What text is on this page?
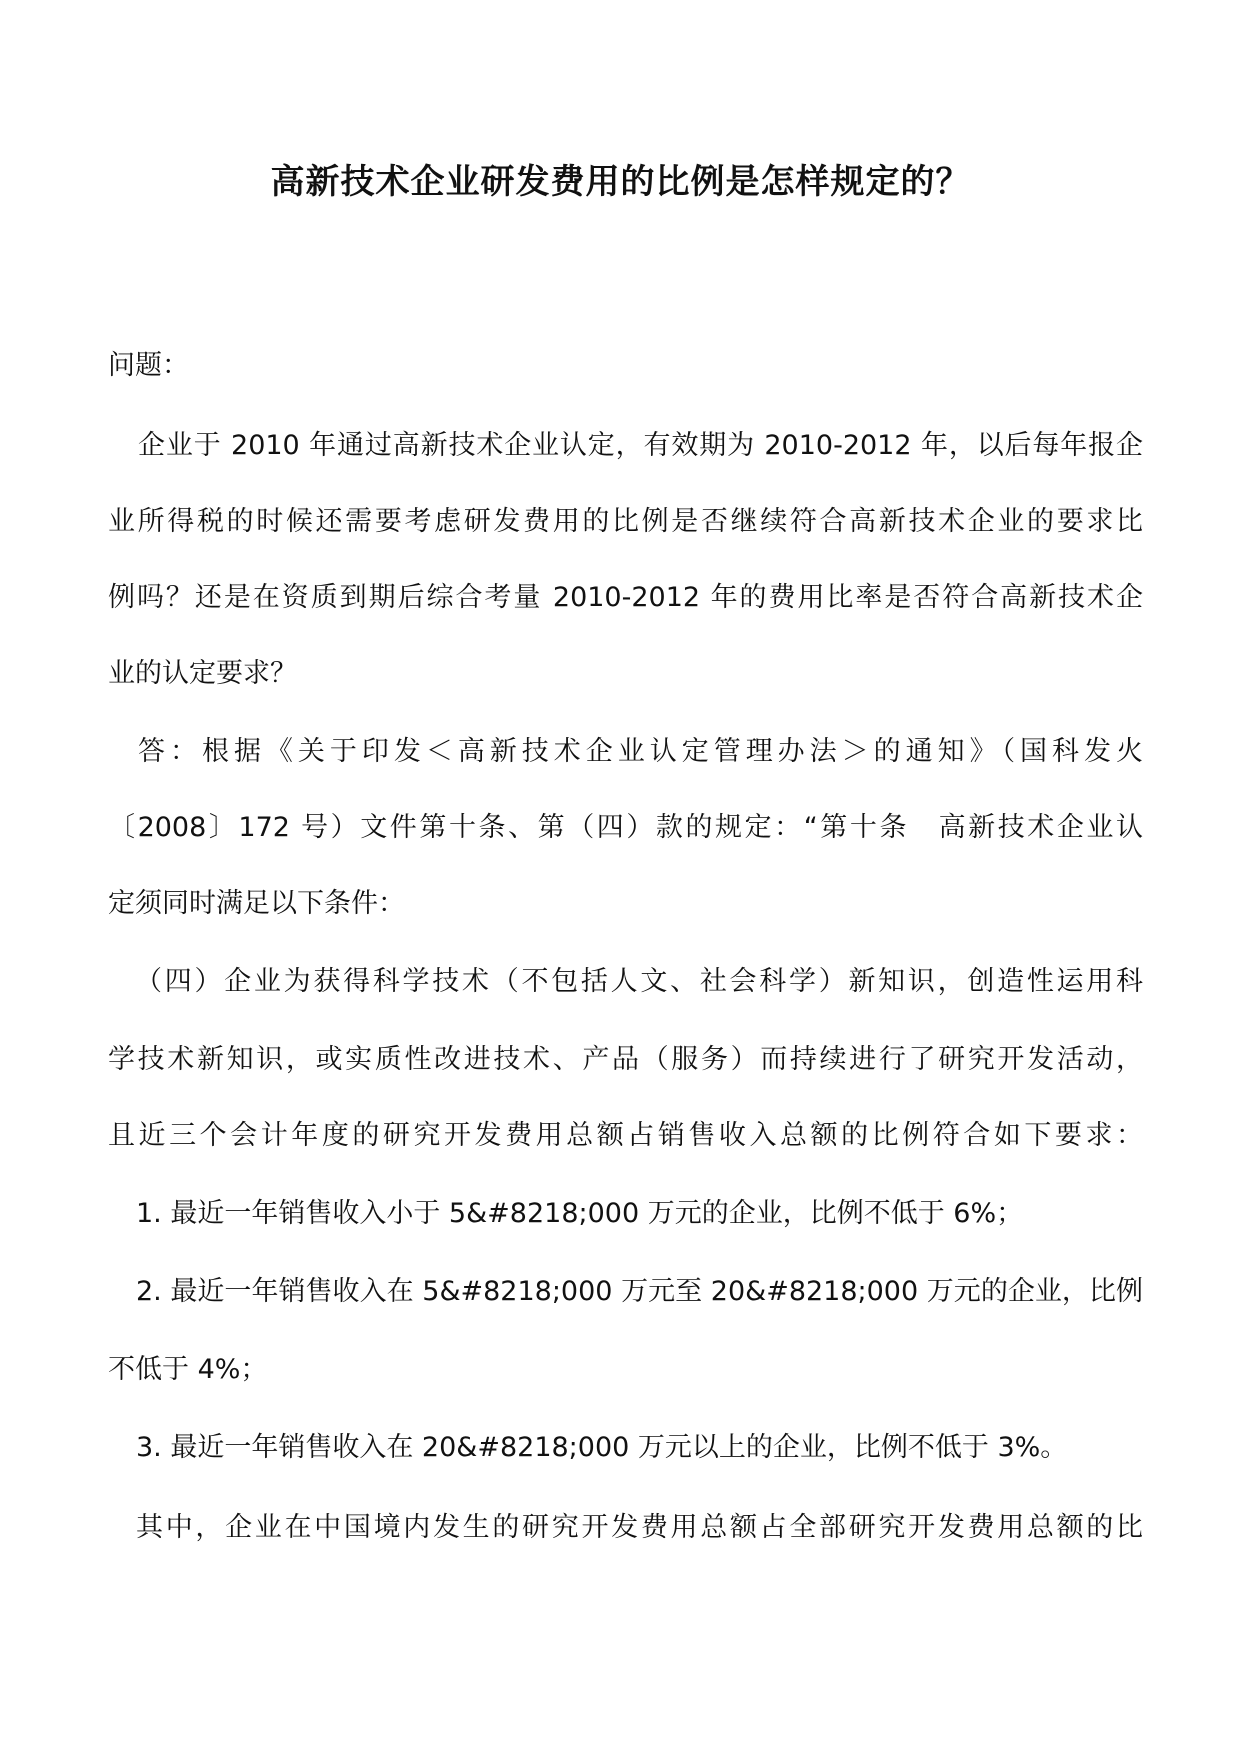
高新技术企业研发费用的比例是怎样规定的？
问题：
企业于 2010 年通过高新技术企业认定，有效期为 2010-2012 年，以后每年报企
业所得税的时候还需要考虑研发费用的比例是否继续符合高新技术企业的要求比
例吗？还是在资质到期后综合考量 2010-2012 年的费用比率是否符合高新技术企
业的认定要求？
答：根据《关于印发＜高新技术企业认定管理办法＞的通知》（国科发火
〔2008〕172 号）文件第十条、第（四）款的规定：“第十条　高新技术企业认
定须同时满足以下条件：
（四）企业为获得科学技术（不包括人文、社会科学）新知识，创造性运用科
学技术新知识，或实质性改进技术、产品（服务）而持续进行了研究开发活动，
且近三个会计年度的研究开发费用总额占销售收入总额的比例符合如下要求：
1. 最近一年销售收入小于 5&#8218;000 万元的企业，比例不低于 6%；
2. 最近一年销售收入在 5&#8218;000 万元至 20&#8218;000 万元的企业，比例
不低于 4%；
3. 最近一年销售收入在 20&#8218;000 万元以上的企业，比例不低于 3%。
其中，企业在中国境内发生的研究开发费用总额占全部研究开发费用总额的比
